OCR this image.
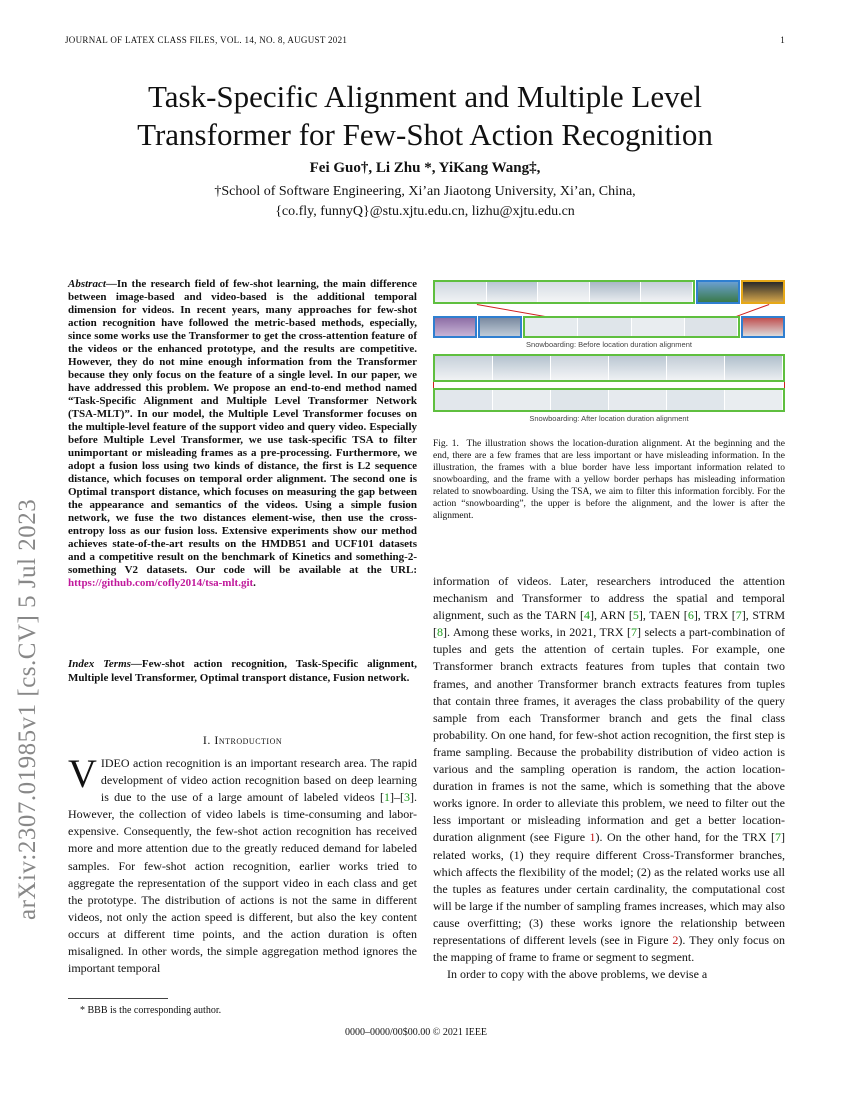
JOURNAL OF LATEX CLASS FILES, VOL. 14, NO. 8, AUGUST 2021	1
Task-Specific Alignment and Multiple Level
Transformer for Few-Shot Action Recognition
Fei Guo†, Li Zhu *, YiKang Wang‡,
†School of Software Engineering, Xi’an Jiaotong University, Xi’an, China,
{co.fly, funnyQ}@stu.xjtu.edu.cn, lizhu@xjtu.edu.cn
arXiv:2307.01985v1 [cs.CV] 5 Jul 2023
Abstract—In the research field of few-shot learning, the main difference between image-based and video-based is the additional temporal dimension for videos. In recent years, many approaches for few-shot action recognition have followed the metric-based methods, especially, since some works use the Transformer to get the cross-attention feature of the videos or the enhanced prototype, and the results are competitive. However, they do not mine enough information from the Transformer because they only focus on the feature of a single level. In our paper, we have addressed this problem. We propose an end-to-end method named “Task-Specific Alignment and Multiple Level Transformer Network (TSA-MLT)”. In our model, the Multiple Level Transformer focuses on the multiple-level feature of the support video and query video. Especially before Multiple Level Transformer, we use task-specific TSA to filter unimportant or misleading frames as a pre-processing. Furthermore, we adopt a fusion loss using two kinds of distance, the first is L2 sequence distance, which focuses on temporal order alignment. The second one is Optimal transport distance, which focuses on measuring the gap between the appearance and semantics of the videos. Using a simple fusion network, we fuse the two distances element-wise, then use the cross-entropy loss as our fusion loss. Extensive experiments show our method achieves state-of-the-art results on the HMDB51 and UCF101 datasets and a competitive result on the benchmark of Kinetics and something-2-something V2 datasets. Our code will be available at the URL: https://github.com/cofly2014/tsa-mlt.git.
Index Terms—Few-shot action recognition, Task-Specific alignment, Multiple level Transformer, Optimal transport distance, Fusion network.
I. Introduction
VIDEO action recognition is an important research area. The rapid development of video action recognition based on deep learning is due to the use of a large amount of labeled videos [1]–[3]. However, the collection of video labels is time-consuming and labor-expensive. Consequently, the few-shot action recognition has received more and more attention due to the greatly reduced demand for labeled samples. For few-shot action recognition, earlier works tried to aggregate the representation of the support video in each class and get the prototype. The distribution of actions is not the same in different videos, not only the action speed is different, but also the key content occurs at different time points, and the action duration is often misaligned. In other words, the simple aggregation method ignores the important temporal
* BBB is the corresponding author.
0000–0000/00$00.00 © 2021 IEEE
Snowboarding: Before location duration alignment
Snowboarding: After location duration alignment
Fig. 1. The illustration shows the location-duration alignment. At the beginning and the end, there are a few frames that are less important or have misleading information. In the illustration, the frames with a blue border have less important information related to snowboarding, and the frame with a yellow border perhaps has misleading information related to snowboarding. Using the TSA, we aim to filter this information forcibly. For the action “snowboarding”, the upper is before the alignment, and the lower is after the alignment.
information of videos. Later, researchers introduced the attention mechanism and Transformer to address the spatial and temporal alignment, such as the TARN [4], ARN [5], TAEN [6], TRX [7], STRM [8]. Among these works, in 2021, TRX [7] selects a part-combination of tuples and gets the attention of certain tuples. For example, one Transformer branch extracts features from tuples that contain two frames, and another Transformer branch extracts features from tuples that contain three frames, it averages the class probability of the query sample from each Transformer branch and gets the final class probability. On one hand, for few-shot action recognition, the first step is frame sampling. Because the probability distribution of video action is various and the sampling operation is random, the action location-duration in frames is not the same, which is something that the above works ignore. In order to alleviate this problem, we need to filter out the less important or misleading information and get a better location-duration alignment (see Figure 1). On the other hand, for the TRX [7] related works, (1) they require different Cross-Transformer branches, which affects the flexibility of the model; (2) as the related works use all the tuples as features under certain cardinality, the computational cost will be large if the number of sampling frames increases, which may also cause overfitting; (3) these works ignore the relationship between representations of different levels (see in Figure 2). They only focus on the mapping of frame to frame or segment to segment.
In order to copy with the above problems, we devise a
